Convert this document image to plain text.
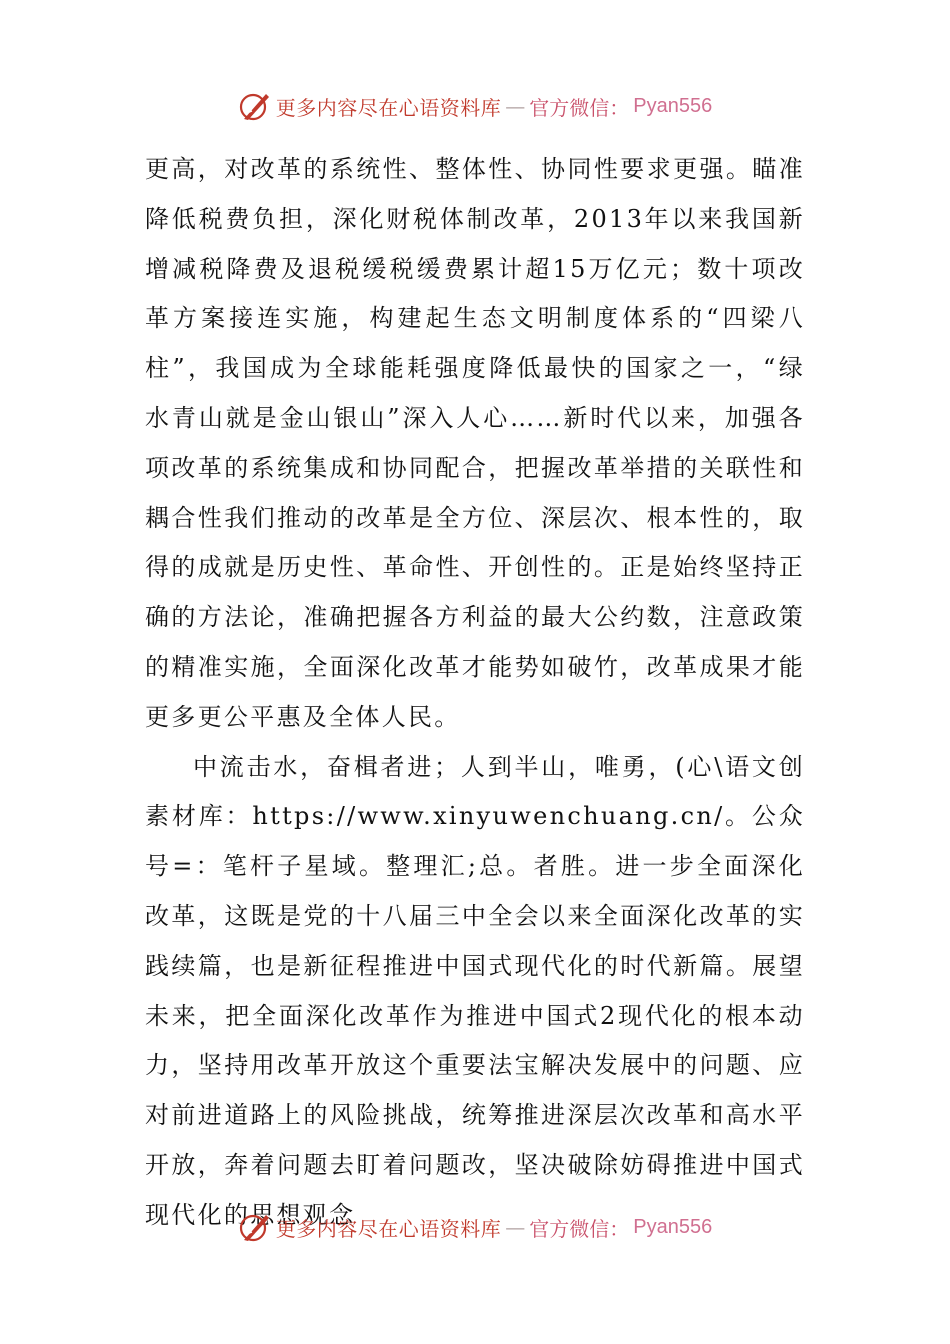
更多内容尽在心语资料库 — 官方微信： Pyan556

更高，对改革的系统性、整体性、协同性要求更强。瞄准降低税费负担，深化财税体制改革，2013年以来我国新增减税降费及退税缓税缓费累计超15万亿元；数十项改革方案接连实施，构建起生态文明制度体系的“四梁八柱”，我国成为全球能耗强度降低最快的国家之一，“绿水青山就是金山银山”深入人心……新时代以来，加强各项改革的系统集成和协同配合，把握改革举措的关联性和耦合性我们推动的改革是全方位、深层次、根本性的，取得的成就是历史性、革命性、开创性的。正是始终坚持正确的方法论，准确把握各方利益的最大公约数，注意政策的精准实施，全面深化改革才能势如破竹，改革成果才能更多更公平惠及全体人民。

中流击水，奋楫者进；人到半山，唯勇，(心\语文创素材库：https://www.xinyuwenchuang.cn/。公众号=：笔杆子星域。整理汇;总。者胜。进一步全面深化改革，这既是党的十八届三中全会以来全面深化改革的实践续篇，也是新征程推进中国式现代化的时代新篇。展望未来，把全面深化改革作为推进中国式2现代化的根本动力，坚持用改革开放这个重要法宝解决发展中的问题、应对前进道路上的风险挑战，统筹推进深层次改革和高水平开放，奔着问题去盯着问题改，坚决破除妨碍推进中国式现代化的思想观念

更多内容尽在心语资料库 — 官方微信： Pyan556
